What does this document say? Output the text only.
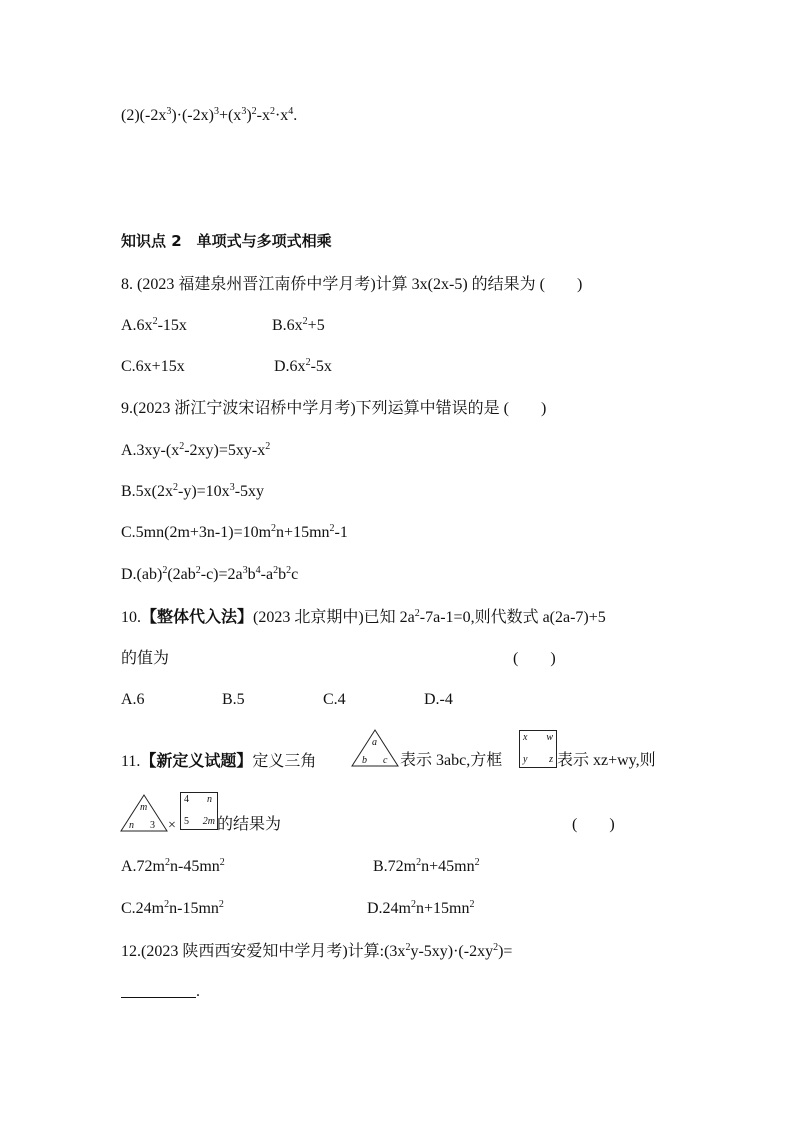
$(2)(-2x^3)\cdot(-2x)^3+(x^3)^2-x^2\cdot x^4$.
知识点 2　单项式与多项式相乘
8. (2023 福建泉州晋江南侨中学月考)计算 3x(2x-5) 的结果为 (　　)
$A.6x^2-15x$	$B.6x^2+5$
C.6x+15x	$D.6x^2-5x$
9.(2023 浙江宁波宋诏桥中学月考)下列运算中错误的是 (　　)
$A.3xy-(x^2-2xy)=5xy-x^2$
$B.5x(2x^2-y)=10x^3-5xy$
$C.5mn(2m+3n-1)=10m^2n+15mn^2-1$
$D.(ab)^2(2ab^2-c)=2a^3b^4-a^2b^2c$
10.【整体代入法】(2023 北京期中)已知 $2a^2-7a-1=0$,则代数式 a(2a-7)+5
的值为	(　　)
A.6	B.5	C.4	D.-4
11.【新定义试题】定义三角
a
b c 表示 3abc,方框
x w
y z 表示 xz+wy,则
m
n 3 ×
4 n
5 2m 的结果为	(　　)
$A.72m^2n-45mn^2$	$B.72m^2n+45mn^2$
$C.24m^2n-15mn^2$	$D.24m^2n+15mn^2$
12.(2023 陕西西安爱知中学月考)计算$:(3x^2y-5xy)\cdot(-2xy^2)=$
.
